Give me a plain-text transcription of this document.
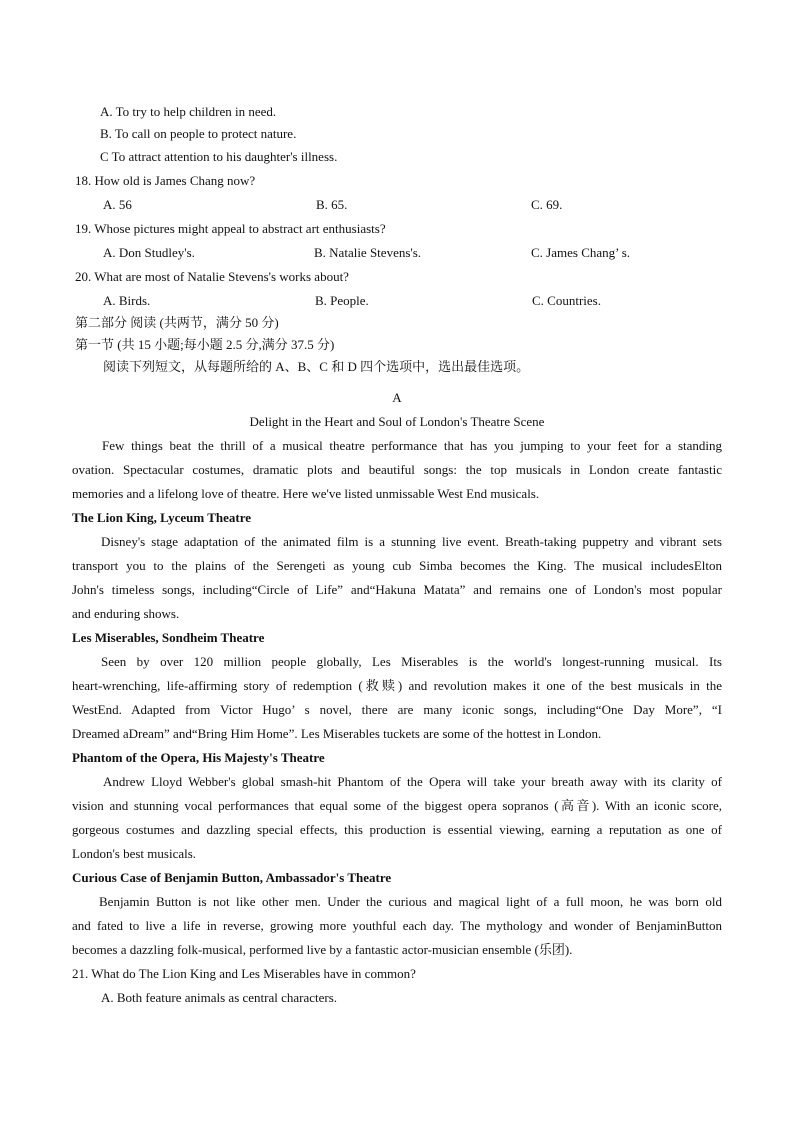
A. To try to help children in need.
B. To call on people to protect nature.
C To attract attention to his daughter's illness.
18. How old is James Chang now?
A. 56	B. 65.	C. 69.
19. Whose pictures might appeal to abstract art enthusiasts?
A. Don Studley's.	B. Natalie Stevens's.	C. James Chang’ s.
20. What are most of Natalie Stevens's works about?
A. Birds.	B. People.	C. Countries.
第二部分 阅读 (共两节，满分 50 分)
第一节 (共 15 小题;每小题 2.5 分,满分 37.5 分)
阅读下列短文，从每题所给的 A、B、C 和 D 四个选项中，选出最佳选项。
A
Delight in the Heart and Soul of London's Theatre Scene
Few things beat the thrill of a musical theatre performance that has you jumping to your feet for a standing
ovation. Spectacular costumes, dramatic plots and beautiful songs: the top musicals in London create fantastic
memories and a lifelong love of theatre. Here we've listed unmissable West End musicals.
The Lion King, Lyceum Theatre
Disney's stage adaptation of the animated film is a stunning live event. Breath-taking puppetry and vibrant sets
transport you to the plains of the Serengeti as young cub Simba becomes the King. The musical includesElton
John's timeless songs, including“Circle of Life” and“Hakuna Matata” and remains one of London's most popular
and enduring shows.
Les Miserables, Sondheim Theatre
Seen by over 120 million people globally, Les Miserables is the world's longest-running musical. Its
heart-wrenching, life-affirming story of redemption (救赎) and revolution makes it one of the best musicals in the
WestEnd. Adapted from Victor Hugo’ s novel, there are many iconic songs, including“One Day More”, “I
Dreamed aDream” and“Bring Him Home”. Les Miserables tuckets are some of the hottest in London.
Phantom of the Opera, His Majesty's Theatre
Andrew Lloyd Webber's global smash-hit Phantom of the Opera will take your breath away with its clarity of
vision and stunning vocal performances that equal some of the biggest opera sopranos (高音). With an iconic score,
gorgeous costumes and dazzling special effects, this production is essential viewing, earning a reputation as one of
London's best musicals.
Curious Case of Benjamin Button, Ambassador's Theatre
Benjamin Button is not like other men. Under the curious and magical light of a full moon, he was born old
and fated to live a life in reverse, growing more youthful each day. The mythology and wonder of BenjaminButton
becomes a dazzling folk-musical, performed live by a fantastic actor-musician ensemble (乐团).
21. What do The Lion King and Les Miserables have in common?
A. Both feature animals as central characters.
